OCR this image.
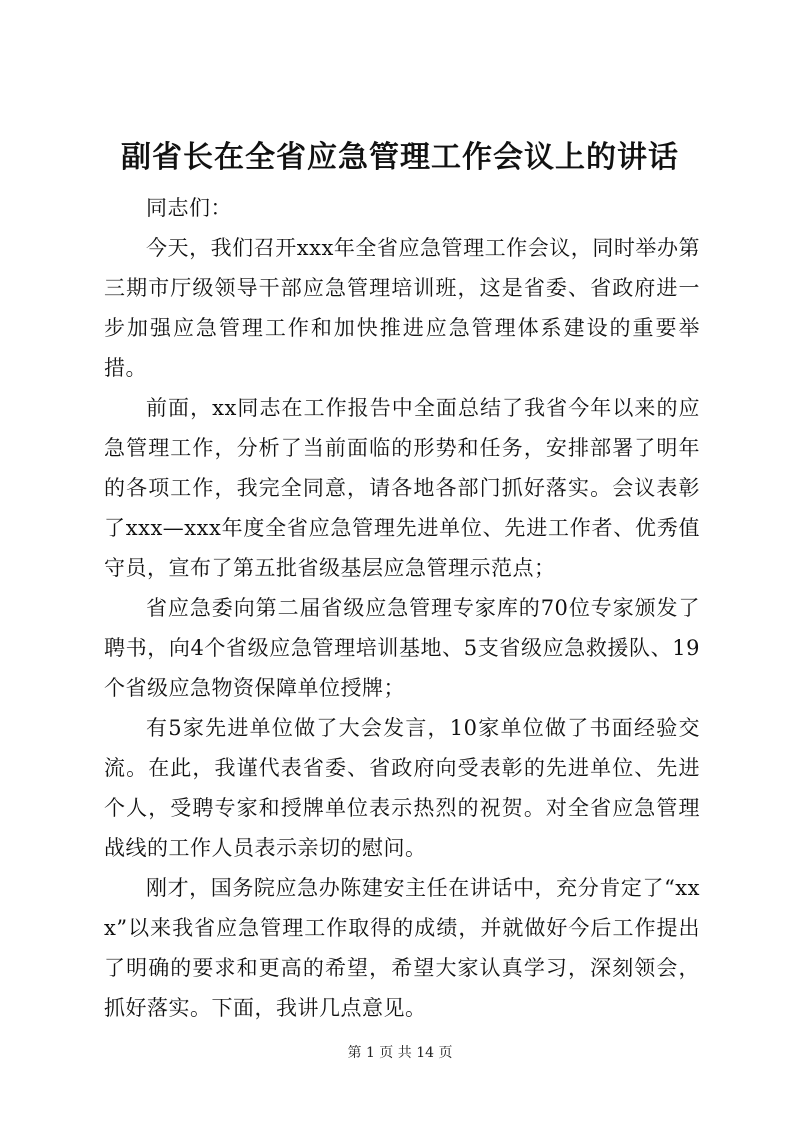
副省长在全省应急管理工作会议上的讲话

同志们：

今天，我们召开xxx年全省应急管理工作会议，同时举办第三期市厅级领导干部应急管理培训班，这是省委、省政府进一步加强应急管理工作和加快推进应急管理体系建设的重要举措。

前面，xx同志在工作报告中全面总结了我省今年以来的应急管理工作，分析了当前面临的形势和任务，安排部署了明年的各项工作，我完全同意，请各地各部门抓好落实。会议表彰了xxx—xxx年度全省应急管理先进单位、先进工作者、优秀值守员，宣布了第五批省级基层应急管理示范点；

省应急委向第二届省级应急管理专家库的70位专家颁发了聘书，向4个省级应急管理培训基地、5支省级应急救援队、19个省级应急物资保障单位授牌；

有5家先进单位做了大会发言，10家单位做了书面经验交流。在此，我谨代表省委、省政府向受表彰的先进单位、先进个人，受聘专家和授牌单位表示热烈的祝贺。对全省应急管理战线的工作人员表示亲切的慰问。

刚才，国务院应急办陈建安主任在讲话中，充分肯定了“xxx”以来我省应急管理工作取得的成绩，并就做好今后工作提出了明确的要求和更高的希望，希望大家认真学习，深刻领会，抓好落实。下面，我讲几点意见。

第 1 页 共 14 页
